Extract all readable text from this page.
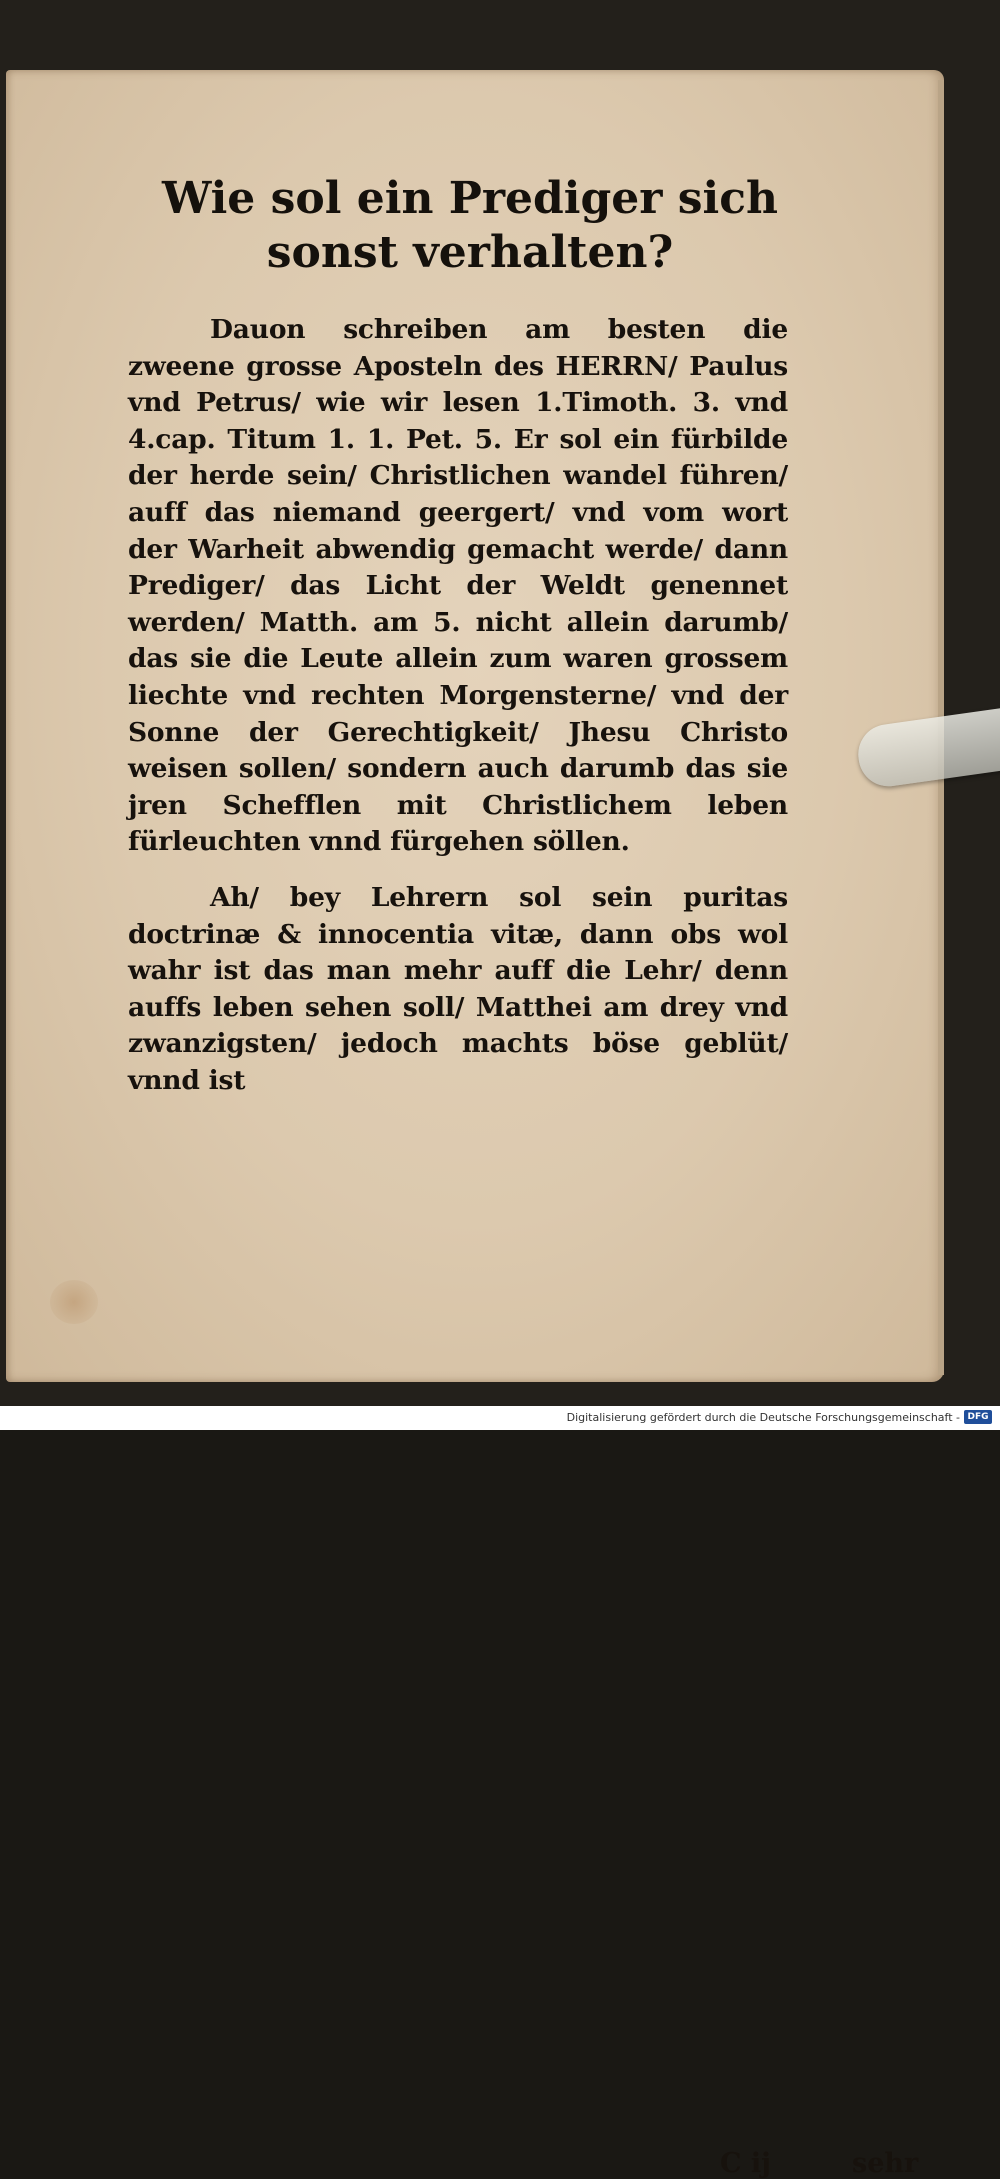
Wie sol ein Prediger sich sonst verhalten?

Dauon schreiben am besten die zweene grosse Aposteln des HERRN/ Paulus vnd Petrus/ wie wir lesen 1.Timoth. 3. vnd 4.cap. Titum 1. 1. Pet. 5. Er sol ein fürbilde der herde sein/ Christlichen wandel führen/ auff das niemand geergert/ vnd vom wort der Warheit abwendig gemacht werde/ dann Prediger/ das Licht der Weldt genennet werden/ Matth. am 5. nicht allein darumb/ das sie die Leute allein zum waren grossem liechte vnd rechten Morgensterne/ vnd der Sonne der Gerechtigkeit/ Jhesu Christo weisen sollen/ sondern auch darumb das sie jren Schefflen mit Christlichem leben fürleuchten vnnd fürgehen söllen.

Ah/ bey Lehrern sol sein puritas doctrinæ & innocentia vitæ, dann obs wol wahr ist das man mehr auff die Lehr/ denn auffs leben sehen soll/ Matthei am drey vnd zwanzigsten/ jedoch machts böse geblüt/ vnnd ist

C ij	sehr
Digitalisierung gefördert durch die Deutsche Forschungsgemeinschaft - DFG
